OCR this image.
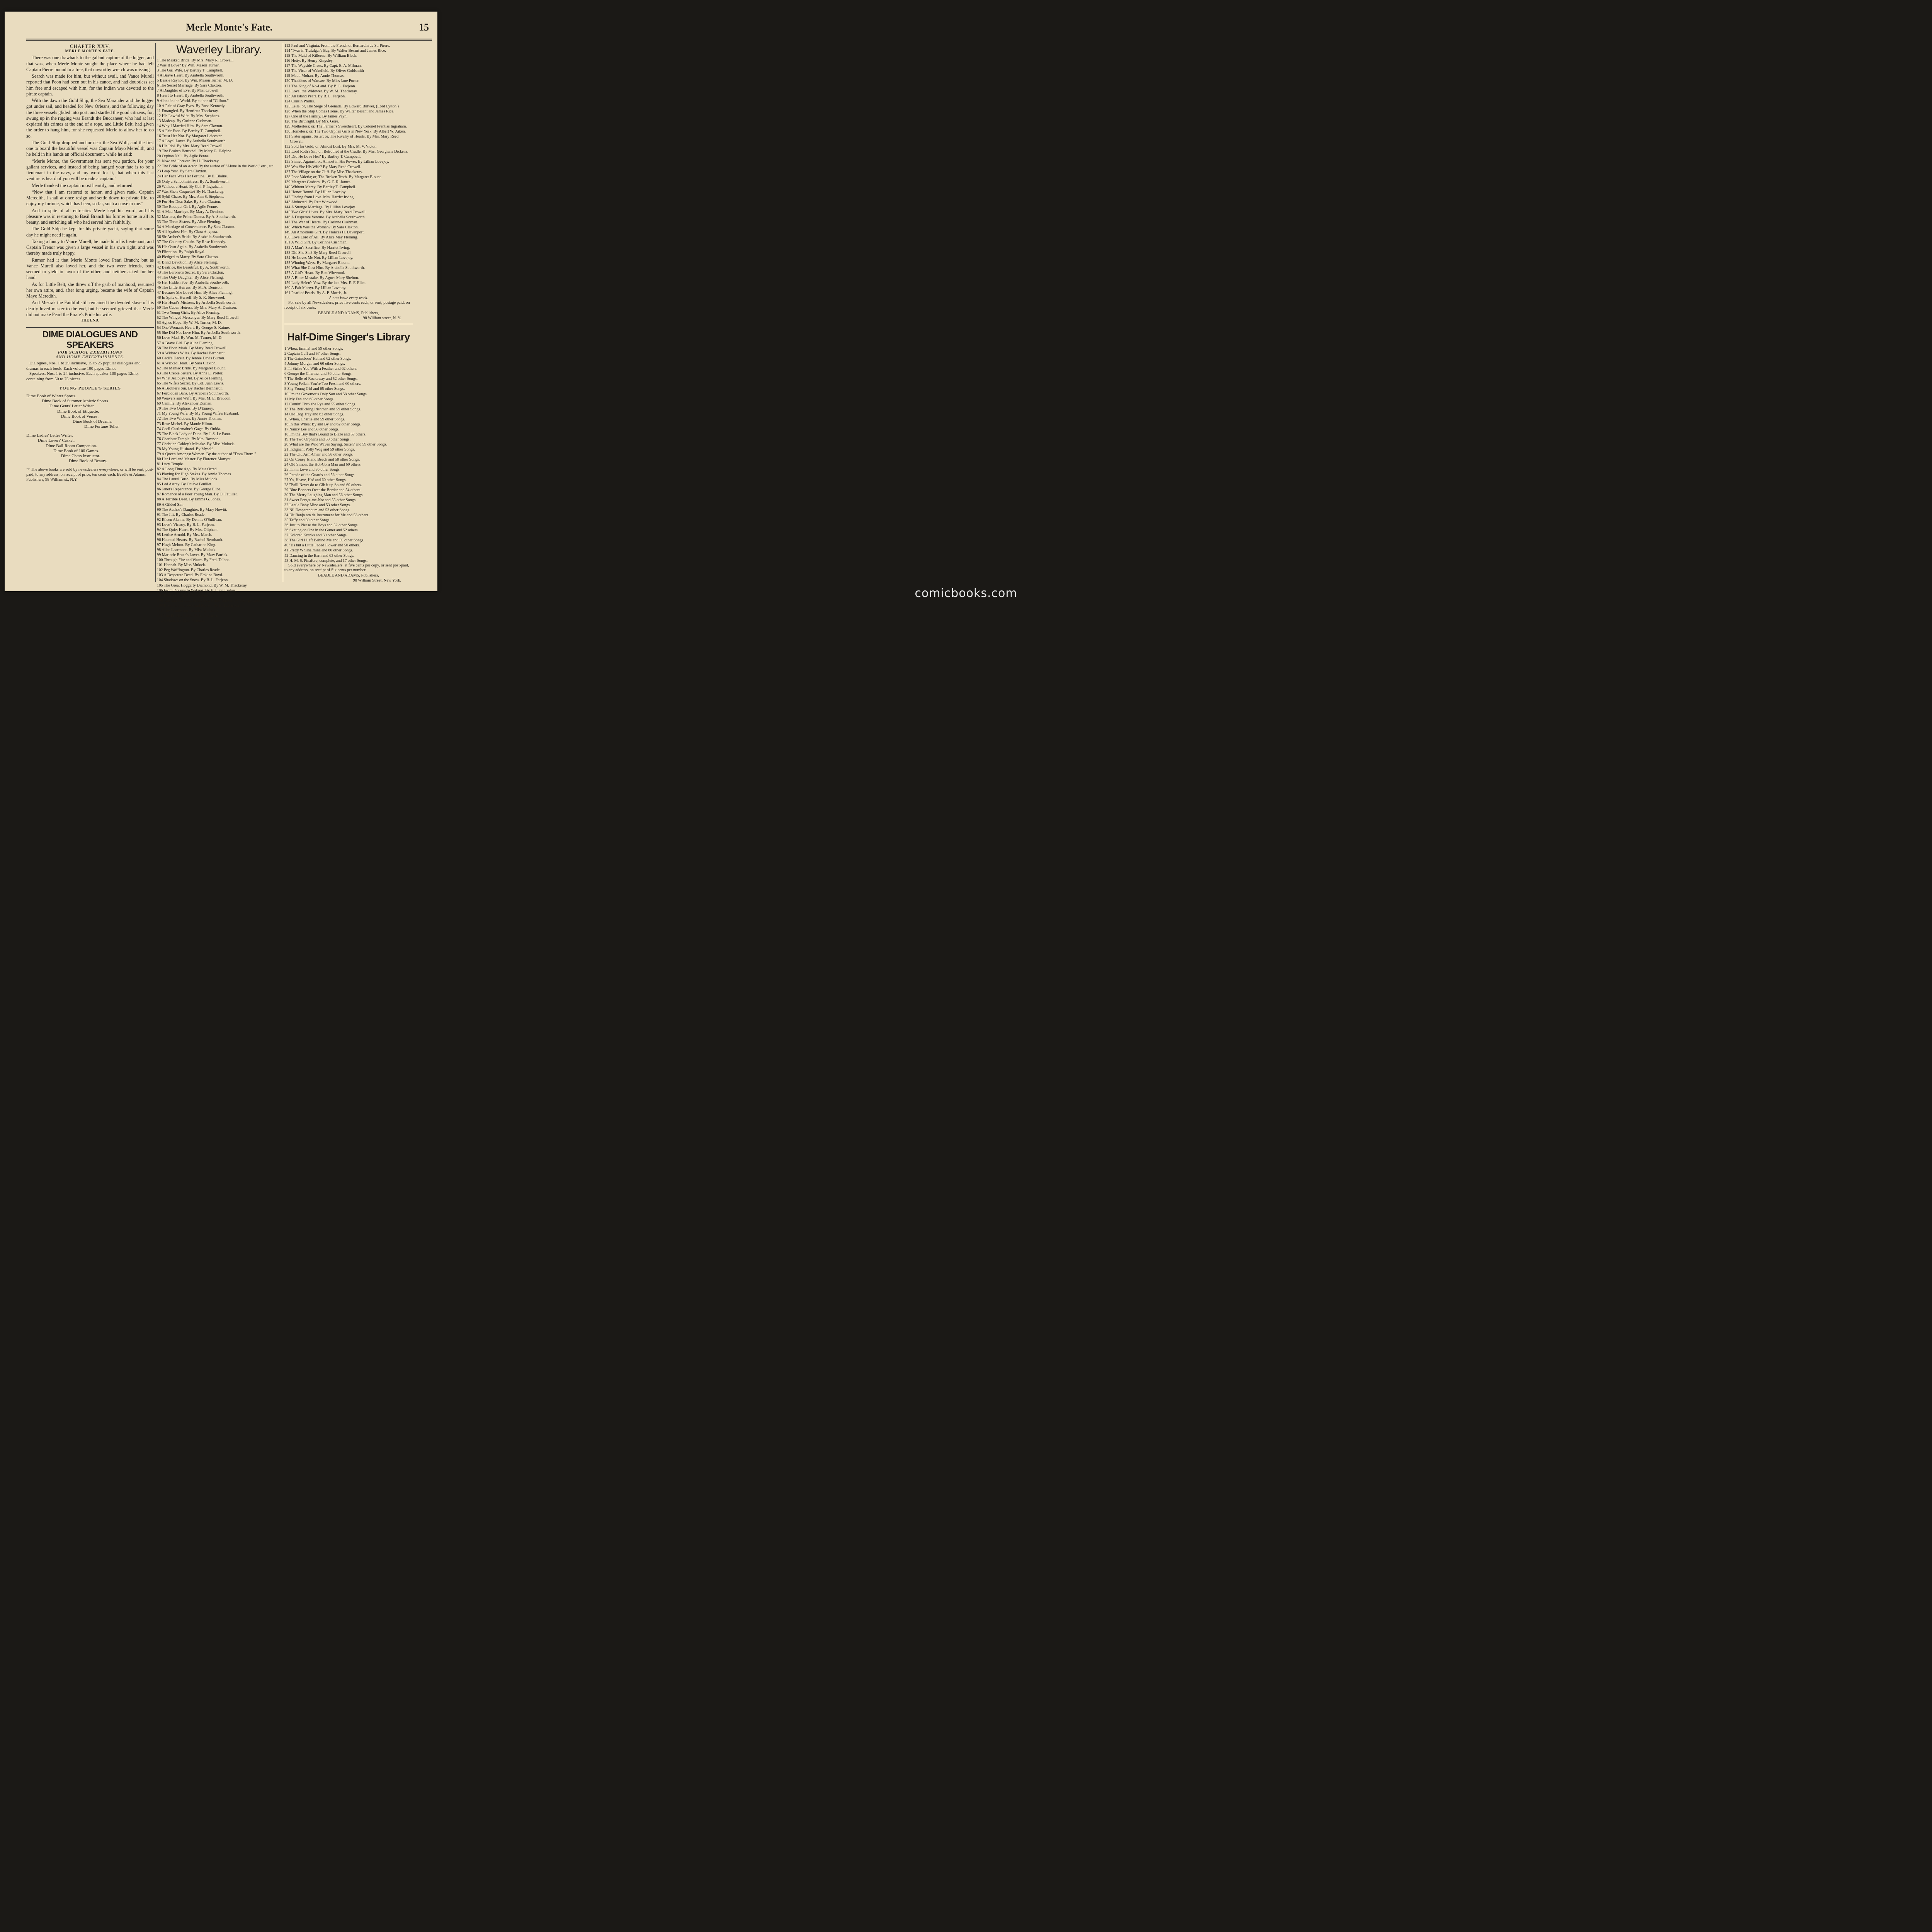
Merle Monte's Fate.	15
CHAPTER XXV.
MERLE MONTE'S FATE.

There was one drawback to the gallant capture of the lugger, and that was, when Merle Monte sought the place where he had left Captain Pierre bound to a tree, that unworthy wretch was missing.

Search was made for him, but without avail, and Vance Murell reported that Peon had been out in his canoe, and had doubtless set him free and escaped with him, for the Indian was devoted to the pirate captain.

With the dawn the Gold Ship, the Sea Marauder and the lugger got under sail, and headed for New Orleans, and the following day the three vessels glided into port, and startled the good citizens, for, swung up in the rigging was Brandt the Buccaneer, who had at last expiated his crimes at the end of a rope, and Little Belt, had given the order to hang him, for she requested Merle to allow her to do so.

The Gold Ship dropped anchor near the Sea Wolf, and the first one to board the beautiful vessel was Captain Mayo Meredith, and he held in his hands an official document, while he said:

“Merle Monte, the Government has sent you pardon, for your gallant services, and instead of being hanged your fate is to be a lieutenant in the navy, and my word for it, that when this last venture is heard of you will be made a captain.”

Merle thanked the captain most heartily, and returned:

“Now that I am restored to honor, and given rank, Captain Meredith, I shall at once resign and settle down to private life, to enjoy my fortune, which has been, so far, such a curse to me.”

And in spite of all entreaties Merle kept his word, and his pleasure was in restoring to Basil Branch his former home in all its beauty, and enriching all who had served him faithfully.

The Gold Ship he kept for his private yacht, saying that some day he might need it again.

Taking a fancy to Vance Murell, he made him his lieutenant, and Captain Trenor was given a large vessel in his own right, and was thereby made truly happy.

Rumor had it that Merle Monte loved Pearl Branch; but as Vance Murell also loved her, and the two were friends, both seemed to yield in favor of the other, and neither asked for her hand.

As for Little Belt, she threw off the garb of manhood, resumed her own attire, and, after long urging, became the wife of Captain Mayo Meredith.

And Mezrak the Faithful still remained the devoted slave of his dearly loved master to the end, but he seemed grieved that Merle did not make Pearl the Pirate's Pride his wife.

THE END.
DIME DIALOGUES AND SPEAKERS
FOR SCHOOL EXHIBITIONS
AND HOME ENTERTAINMENTS.

Dialogues, Nos. 1 to 29 inclusive, 15 to 25 popular dialogues and dramas in each book. Each volume 100 pages 12mo.

Speakers, Nos. 1 to 24 inclusive. Each speaker 100 pages 12mo, containing from 50 to 75 pieces.

YOUNG PEOPLE'S SERIES
Dime Book of Winter Sports.
Dime Book of Summer Athletic Sports
Dime Gents' Letter Writer.
Dime Book of Etiquette.
Dime Book of Verses.
Dime Book of Dreams.
Dime Fortune Teller
Dime Ladies' Letter Writer.
Dime Lovers' Casket.
Dime Ball-Room Companion.
Dime Book of 100 Games.
Dime Chess Instructor.
Dime Book of Beauty.
☞ The above books are sold by newsdealers everywhere, or will be sent, post-paid, to any address, on receipt of price, ten cents each. Beadle & Adams, Publishers, 98 William st., N.Y.
Waverley Library.
1 The Masked Bride. By Mrs. Mary R. Crowell.
2 Was It Love? By Wm. Mason Turner.
3 The Girl Wife. By Bartley T. Campbell.
4 A Brave Heart. By Arabella Southworth.
5 Bessie Raynor. By Wm. Mason Turner, M. D.
6 The Secret Marriage. By Sara Claxton.
7 A Daughter of Eve. By Mrs. Crowell.
8 Heart to Heart. By Arabella Southworth.
9 Alone in the World. By author of "Clifton."
10 A Pair of Gray Eyes. By Rose Kennedy.
11 Entangled. By Henrietta Thackeray.
12 His Lawful Wife. By Mrs. Stephens.
13 Madcap. By Corinne Cushman.
14 Why I Married Him. By Sara Claxton.
15 A Fair Face. By Bartley T. Campbell.
16 Trust Her Not. By Margaret Leicester.
17 A Loyal Lover. By Arabella Southworth.
18 His Idol. By Mrs. Mary Reed Crowell.
19 The Broken Betrothal. By Mary G. Halpine.
20 Orphan Nell. By Agile Penne.
21 Now and Forever. By H. Thackeray.
22 The Bride of an Actor. By the author of "Alone in the World," etc., etc.
23 Leap Year. By Sara Claxton.
24 Her Face Was Her Fortune. By E. Blaine.
25 Only a Schoolmistress. By A. Southworth.
26 Without a Heart. By Col. P. Ingraham.
27 Was She a Coquette? By H. Thackeray.
28 Sybil Chase. By Mrs. Ann S. Stephens.
29 For Her Dear Sake. By Sara Claxton.
30 The Bouquet Girl. By Agile Penne.
31 A Mad Marriage. By Mary A. Denison.
32 Mariana, the Prima Donna. By A. Southworth.
33 The Three Sisters. By Alice Fleming.
34 A Marriage of Convenience. By Sara Claxton.
35 All Against Her. By Clara Augusta.
36 Sir Archer's Bride. By Arabella Southworth.
37 The Country Cousin. By Rose Kennedy.
38 His Own Again. By Arabella Southworth.
39 Flirtation. By Ralph Royal.
40 Pledged to Marry. By Sara Claxton.
41 Blind Devotion. By Alice Fleming.
42 Beatrice, the Beautiful. By A. Southworth.
43 The Baronet's Secret. By Sara Claxton.
44 The Only Daughter. By Alice Fleming.
45 Her Hidden Foe. By Arabella Southworth.
46 The Little Heiress. By M. A. Denison.
47 Because She Loved Him. By Alice Fleming.
48 In Spite of Herself. By S. R. Sherwood.
49 His Heart's Mistress. By Arabella Southworth.
50 The Cuban Heiress. By Mrs. Mary A. Denison.
51 Two Young Girls. By Alice Fleming.
52 The Winged Messenger. By Mary Reed Crowell
53 Agnes Hope. By W. M. Turner, M. D.
54 One Woman's Heart. By George S. Kaime.
55 She Did Not Love Him. By Arabella Southworth.
56 Love-Mad. By Wm. M. Turner, M. D.
57 A Brave Girl. By Alice Fleming.
58 The Ebon Mask. By Mary Reed Crowell.
59 A Widow's Wiles. By Rachel Bernhardt.
60 Cecil's Deceit. By Jennie Davis Burton.
61 A Wicked Heart. By Sara Claxton.
62 The Maniac Bride. By Margaret Blount.
63 The Creole Sisters. By Anna E. Porter.
64 What Jealousy Did. By Alice Fleming.
65 The Wife's Secret. By Col. Juan Lewis.
66 A Brother's Sin. By Rachel Bernhardt.
67 Forbidden Bans. By Arabella Southworth.
68 Weavers and Weft. By Mrs. M. E. Braddon.
69 Camille. By Alexander Dumas.
70 The Two Orphans. By D'Ennery.
71 My Young Wife. By My Young Wife's Husband.
72 The Two Widows. By Annie Thomas.
73 Rose Michel. By Maude Hilton.
74 Cecil Castlemaine's Gage. By Ouida.
75 The Black Lady of Duna. By J. S. Le Fanu.
76 Charlotte Temple. By Mrs. Rowson.
77 Christian Oakley's Mistake. By Miss Mulock.
78 My Young Husband. By Myself.
79 A Queen Amongst Women. By the author of "Dora Thorn."
80 Her Lord and Master. By Florence Marryat.
81 Lucy Temple.
82 A Long Time Ago. By Meta Orred.
83 Playing for High Stakes. By Annie Thomas
84 The Laurel Bush. By Miss Mulock.
85 Led Astray. By Octave Feuillet.
86 Janet's Repentance. By George Eliot.
87 Romance of a Poor Young Man. By O. Feuillet.
88 A Terrible Deed. By Emma G. Jones.
89 A Gilded Sin.
90 The Author's Daughter. By Mary Howitt.
91 The Jilt. By Charles Reade.
92 Eileen Alanna. By Dennis O'Sullivan.
93 Love's Victory. By B. L. Farjeon.
94 The Quiet Heart. By Mrs. Oliphant.
95 Lettice Arnold. By Mrs. Marsh.
96 Haunted Hearts. By Rachel Bernhardt.
97 Hugh Melton. By Catharine King.
98 Alice Learmont. By Miss Mulock.
99 Marjorie Bruce's Lover. By Mary Patrick.
100 Through Fire and Water. By Fred. Talbot.
101 Hannah. By Miss Mulock.
102 Peg Woffington. By Charles Reade.
103 A Desperate Deed. By Erskine Boyd.
104 Shadows on the Snow. By B. L. Farjeon.
105 The Great Hoggarty Diamond. By W. M. Thackeray.
106 From Dreams to Waking. By E. Lynn Linton.
107 Poor Zeph. By F. W. Robinson.
108 The Sad Fortunes of the Rev. Amos Barton. By George Eliot.
109 Bread-and-Cheese and Kisses. By B. L. Farjeon
110 The Wandering Heir. By C. Reade.
111 The Brother's Bet. By E. F. Carter.
112 A Hero. By Miss Mulock.
113 Paul and Virginia. From the French of Bernardin de St. Pierre.
114 'Twas in Trafalgar's Bay. By Walter Besant and James Rice.
115 The Maid of Killeena. By William Black.
116 Hetty. By Henry Kingsley.
117 The Wayside Cross. By Capt. E. A. Milman.
118 The Vicar of Wakefield. By Oliver Goldsmith
119 Maud Mohan. By Annie Thomas.
120 Thaddeus of Warsaw. By Miss Jane Porter.
121 The King of No-Land. By B. L. Farjeon.
122 Lovel the Widower. By W. M. Thackeray.
123 An Island Pearl. By B. L. Farjeon.
124 Cousin Phillis.
125 Leila; or, The Siege of Grenada. By Edward Bulwer, (Lord Lytton.)
126 When the Ship Comes Home. By Walter Besant and James Rice.
127 One of the Family. By James Payn.
128 The Birthright. By Mrs. Gore.
129 Motherless; or, The Farmer's Sweetheart. By Colonel Prentiss Ingraham.
130 Homeless; or, The Two Orphan Girls in New York. By Albert W. Aiken.
131 Sister against Sister; or, The Rivalry of Hearts. By Mrs. Mary Reed Crowell.
132 Sold for Gold; or, Almost Lost. By Mrs. M. V. Victor.
133 Lord Roth's Sin; or, Betrothed at the Cradle. By Mrs. Georgiana Dickens.
134 Did He Love Her? By Bartley T. Campbell.
135 Sinned Against; or, Almost in His Power. By Lillian Lovejoy.
136 Was She His Wife? By Mary Reed Crowell.
137 The Village on the Cliff. By Miss Thackeray.
138 Poor Valeria; or, The Broken Troth. By Margaret Blount.
139 Margaret Graham. By G. P. R. James.
140 Without Mercy. By Bartley T. Campbell.
141 Honor Bound. By Lillian Lovejoy.
142 Fleeing from Love. Mrs. Harriet Irving.
143 Abducted. By Rett Winwood.
144 A Strange Marriage. By Lillian Lovejoy.
145 Two Girls' Lives. By Mrs. Mary Reed Crowell.
146 A Desperate Venture. By Arabella Southworth.
147 The War of Hearts. By Corinne Cushman.
148 Which Was the Woman? By Sara Claxton.
149 An Ambitious Girl. By Frances H. Davenport.
150 Love Lord of All. By Alice May Fleming.
151 A Wild Girl. By Corinne Cushman.
152 A Man's Sacrifice. By Harriet Irving.
153 Did She Sin? By Mary Reed Crowell.
154 He Loves Me Not. By Lillian Lovejoy.
155 Winning Ways. By Margaret Blount.
156 What She Cost Him. By Arabella Southworth.
157 A Girl's Heart. By Rett Winwood.
158 A Bitter Mistake. By Agnes Mary Shelton.
159 Lady Helen's Vow. By the late Mrs. E. F. Ellet.
160 A Fair Martyr. By Lillian Lovejoy.
161 Pearl of Pearls. By A. P. Morris, Jr.
A new issue every week.

For sale by all Newsdealers, price five cents each, or sent, postage paid, on receipt of six cents.

BEADLE AND ADAMS, Publishers,
98 William street, N. Y.
Half-Dime Singer's Library
1 Whoa, Emma! and 59 other Songs.
2 Captain Cuff and 57 other Songs.
3 The Gainsboro' Hat and 62 other Songs.
4 Johnny Morgan and 60 other Songs.
5 I'll Strike You With a Feather and 62 others.
6 George the Charmer and 56 other Songs.
7 The Belle of Rockaway and 52 other Songs.
8 Young Fellah, You're Too Fresh and 60 others.
9 Shy Young Girl and 65 other Songs.
10 I'm the Governor's Only Son and 58 other Songs.
11 My Fan and 65 other Songs.
12 Comin' Thro' the Rye and 55 other Songs.
13 The Rollicking Irishman and 59 other Songs.
14 Old Dog Tray and 62 other Songs.
15 Whoa, Charlie and 59 other Songs.
16 In this Wheat By and By and 62 other Songs.
17 Nancy Lee and 58 other Songs.
18 I'm the Boy that's Bound to Blaze and 57 others.
19 The Two Orphans and 59 other Songs.
20 What are the Wild Waves Saying, Sister? and 59 other Songs.
21 Indignant Polly Wog and 59 other Songs.
22 The Old Arm-Chair and 58 other Songs.
23 On Coney Island Beach and 58 other Songs.
24 Old Simon, the Hot-Corn Man and 60 others.
25 I'm in Love and 56 other Songs.
26 Parade of the Guards and 56 other Songs.
27 Yo, Heave, Ho! and 60 other Songs.
28 'Twill Never do to Gib it up So and 60 others.
29 Blue Bonnets Over the Border and 54 others
30 The Merry Laughing Man and 56 other Songs.
31 Sweet Forget-me-Not and 55 other Songs.
32 Leetle Baby Mine and 53 other Songs.
33 Nil Desperandum and 53 other Songs.
34 Dit Banjo am de Instrument for Me and 53 others.
35 Taffy and 50 other Songs.
36 Just to Please the Boys and 52 other Songs.
36 Skating on One in the Gutter and 52 others.
37 Kolored Kranks and 59 other Songs.
38 The Girl I Left Behind Me and 50 other Songs.
40 'Tis but a Little Faded Flower and 50 others.
41 Pretty Whilhelmina and 60 other Songs.
42 Dancing in the Barn and 63 other Songs.
43 H. M. S. Pinafore, complete, and 17 other Songs.

Sold everywhere by Newsdealers, at five cents per copy, or sent post-paid, to any address, on receipt of Six cents per number.

BEADLE AND ADAMS, Publishers,
98 William Street, New York.
comicbooks.com
